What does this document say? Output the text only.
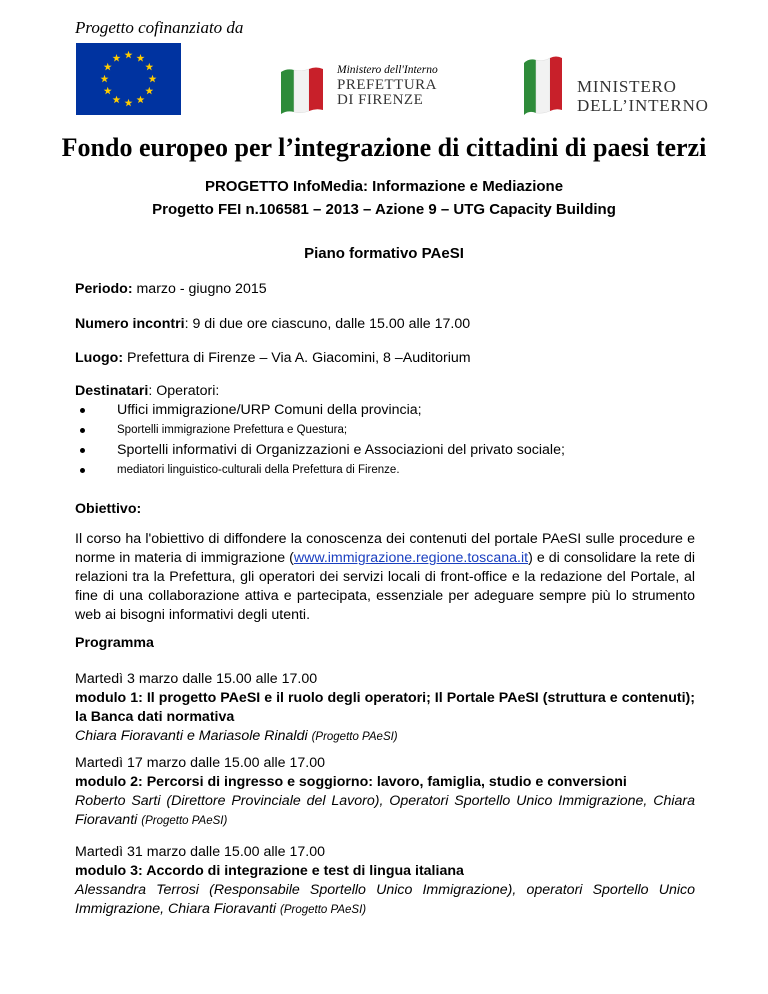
Progetto cofinanziato da
Ministero dell'Interno
PREFETTURA
DI FIRENZE
MINISTERO
DELL’INTERNO
Fondo europeo per l’integrazione di cittadini di paesi terzi
PROGETTO InfoMedia: Informazione e Mediazione
Progetto FEI n.106581 – 2013 – Azione 9 – UTG Capacity Building
Piano formativo PAeSI
Periodo: marzo - giugno 2015
Numero incontri: 9 di due ore ciascuno, dalle 15.00 alle 17.00
Luogo: Prefettura di Firenze – Via A. Giacomini, 8 –Auditorium
Destinatari: Operatori:
Uffici immigrazione/URP Comuni della provincia;
Sportelli immigrazione Prefettura e Questura;
Sportelli informativi di Organizzazioni e Associazioni del privato sociale;
mediatori linguistico-culturali della Prefettura di Firenze.
Obiettivo:
Il corso ha l'obiettivo di diffondere la conoscenza dei contenuti del portale PAeSI sulle procedure e norme in materia di immigrazione (www.immigrazione.regione.toscana.it) e di consolidare la rete di relazioni tra la Prefettura, gli operatori dei servizi locali di front-office e la redazione del Portale, al fine di una collaborazione attiva e partecipata, essenziale per adeguare sempre più lo strumento web ai bisogni informativi degli utenti.
Programma
Martedì 3 marzo dalle 15.00 alle 17.00
modulo 1: Il progetto PAeSI e il ruolo degli operatori; Il Portale PAeSI (struttura e contenuti); la Banca dati normativa
Chiara Fioravanti e Mariasole Rinaldi (Progetto PAeSI)
Martedì 17 marzo dalle 15.00 alle 17.00
modulo 2: Percorsi di ingresso e soggiorno: lavoro, famiglia, studio e conversioni
Roberto Sarti (Direttore Provinciale del Lavoro), Operatori Sportello Unico Immigrazione, Chiara Fioravanti (Progetto PAeSI)
Martedì 31 marzo dalle 15.00 alle 17.00
modulo 3: Accordo di integrazione e test di lingua italiana
Alessandra Terrosi (Responsabile Sportello Unico Immigrazione), operatori Sportello Unico Immigrazione, Chiara Fioravanti (Progetto PAeSI)
